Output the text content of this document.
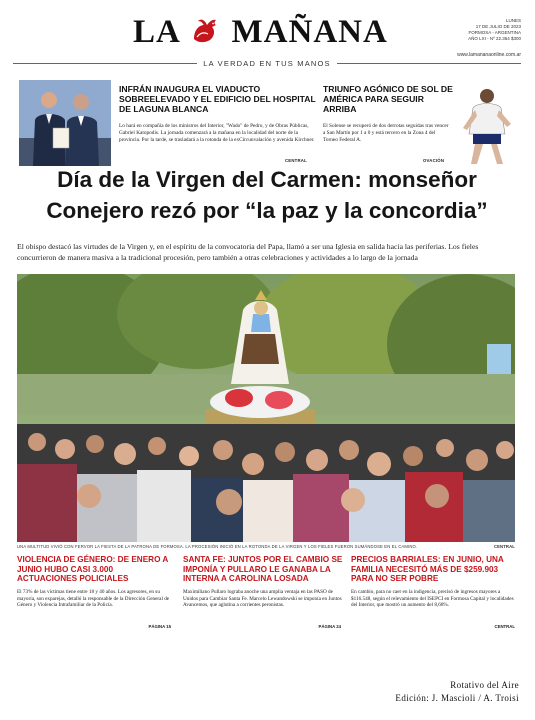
LA MAÑANA	LUNES
17 DE JULIO DE 2023
FORMOSA - ARGENTINA
AÑO LXI - Nº 22.364 $300
LA VERDAD EN TUS MANOS
www.lamananaonline.com.ar
INFRÁN INAUGURA EL VIADUCTO SOBREELEVADO Y EL EDIFICIO DEL HOSPITAL DE LAGUNA BLANCA
Lo hará en compañía de los ministros del Interior, "Wado" de Pedro, y de Obras Públicas, Gabriel Katopodis. La jornada comenzará a la mañana en la localidad del norte de la provincia. Por la tarde, se trasladará a la rotonda de la exCircunvalación y avenida Kirchner.
CENTRAL
TRIUNFO AGÓNICO DE SOL DE AMÉRICA PARA SEGUIR ARRIBA
El Solense se recuperó de dos derrotas seguidas tras vencer a San Martín por 1 a 0 y está tercero en la Zona 4 del Torneo Federal A.
OVACIÓN
Día de la Virgen del Carmen: monseñor Conejero rezó por “la paz y la concordia”
El obispo destacó las virtudes de la Virgen y, en el espíritu de la convocatoria del Papa, llamó a ser una Iglesia en salida hacia las periferias. Los fieles concurrieron de manera masiva a la tradicional procesión, pero también a otras celebraciones y actividades a lo largo de la jornada
UNA MULTITUD VIVIÓ CON FERVOR LA FIESTA DE LA PATRONA DE FORMOSA. LA PROCESIÓN INICIÓ EN LA ROTONDA DE LA VIRGEN Y LOS FIELES FUERON SUMÁNDOSE EN EL CAMINO.	CENTRAL
VIOLENCIA DE GÉNERO: DE ENERO A JUNIO HUBO CASI 3.000 ACTUACIONES POLICIALES
El 73% de las víctimas tiene entre 18 y 40 años. Los agresores, en su mayoría, son exparejas, detalló la responsable de la Dirección General de Género y Violencia Intrafamiliar de la Policía.
PÁGINA 15
SANTA FE: JUNTOS POR EL CAMBIO SE IMPONÍA Y PULLARO LE GANABA LA INTERNA A CAROLINA LOSADA
Maximiliano Pullaro lograba anoche una amplia ventaja en las PASO de Unidos para Cambiar Santa Fe. Marcelo Lewandowski se imponía en Juntos Avancemos, que aglutina a corrientes peronistas.
PÁGINA 24
PRECIOS BARRIALES: EN JUNIO, UNA FAMILIA NECESITÓ MÁS DE $259.903 PARA NO SER POBRE
En cambio, para no caer en la indigencia, precisó de ingresos mayores a $116.548, según el relevamiento del ISEPCI en Formosa Capital y localidades del Interior, que mostró un aumento del 8,68%.
CENTRAL
Rotativo del Aire
Edición: J. Mascioli / A. Troisi
